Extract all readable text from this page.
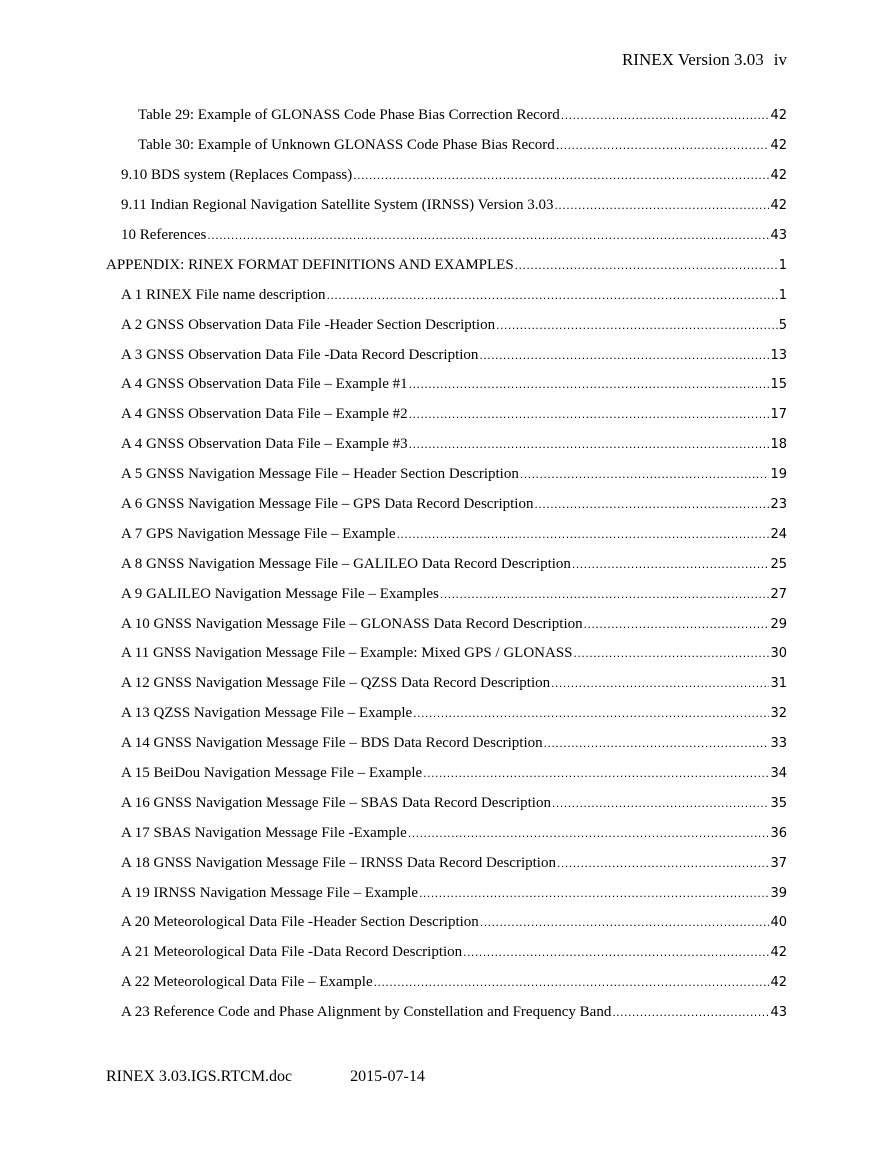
RINEX Version 3.03 iv
Table 29: Example of GLONASS Code Phase Bias Correction Record .....	42
Table 30: Example of Unknown GLONASS Code Phase Bias Record .....	42
9.10 BDS system (Replaces Compass) .....	42
9.11 Indian Regional Navigation Satellite System (IRNSS) Version 3.03 .....	42
10 References .....	43
APPENDIX: RINEX FORMAT DEFINITIONS AND EXAMPLES .....	1
A 1 RINEX File name description .....	1
A 2 GNSS Observation Data File -Header Section Description .....	5
A 3 GNSS Observation Data File -Data Record Description .....	13
A 4 GNSS Observation Data File – Example #1 .....	15
A 4 GNSS Observation Data File – Example #2 .....	17
A 4 GNSS Observation Data File – Example #3 .....	18
A 5 GNSS Navigation Message File – Header Section Description .....	19
A 6 GNSS Navigation Message File – GPS Data Record Description .....	23
A 7 GPS Navigation Message File – Example .....	24
A 8 GNSS Navigation Message File – GALILEO Data Record Description .....	25
A 9 GALILEO Navigation Message File – Examples .....	27
A 10 GNSS Navigation Message File – GLONASS Data Record Description .....	29
A 11 GNSS Navigation Message File – Example: Mixed GPS / GLONASS .....	30
A 12 GNSS Navigation Message File – QZSS Data Record Description .....	31
A 13 QZSS Navigation Message File – Example .....	32
A 14 GNSS Navigation Message File – BDS Data Record Description .....	33
A 15 BeiDou Navigation Message File – Example .....	34
A 16 GNSS Navigation Message File – SBAS Data Record Description .....	35
A 17 SBAS Navigation Message File -Example .....	36
A 18 GNSS Navigation Message File – IRNSS Data Record Description .....	37
A 19 IRNSS Navigation Message File – Example .....	39
A 20 Meteorological Data File -Header Section Description .....	40
A 21 Meteorological Data File -Data Record Description .....	42
A 22 Meteorological Data File – Example .....	42
A 23 Reference Code and Phase Alignment by Constellation and Frequency Band .....	43
RINEX 3.03.IGS.RTCM.doc	2015-07-14
